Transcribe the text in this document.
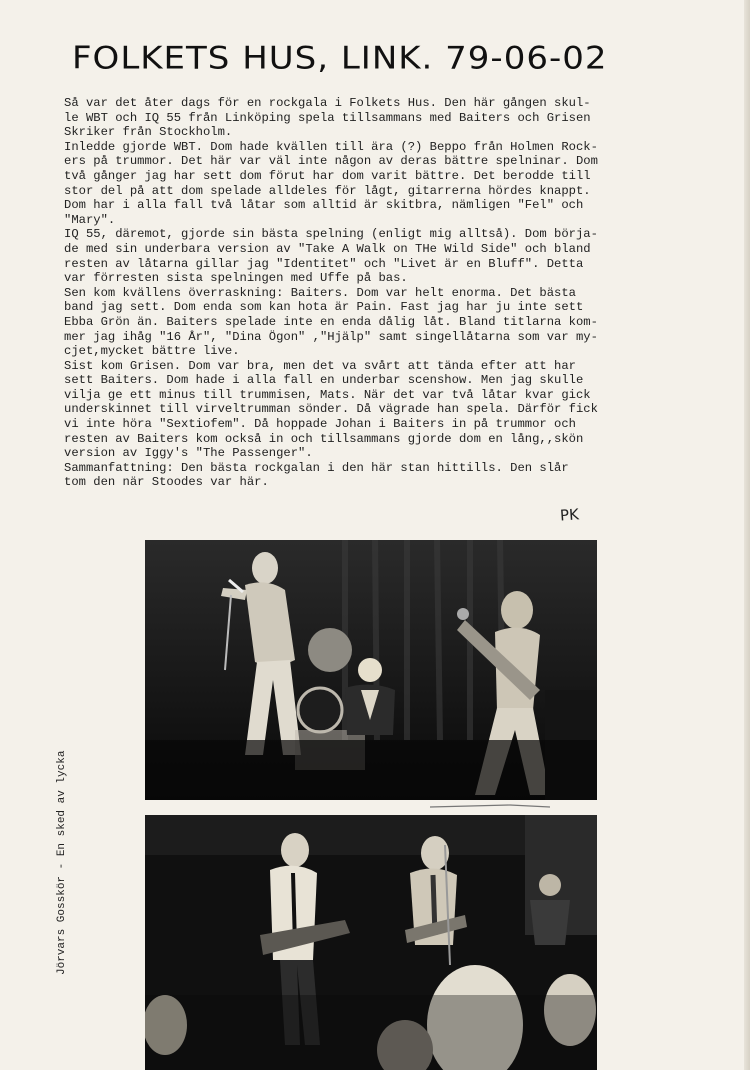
FOLKETS HUS, LINK. 79-06-02
Så var det åter dags för en rockgala i Folkets Hus. Den här gången skul-
le WBT och IQ 55 från Linköping spela tillsammans med Baiters och Grisen
Skriker från Stockholm.
Inledde gjorde WBT. Dom hade kvällen till ära (?) Beppo från Holmen Rock-
ers på trummor. Det här var väl inte någon av deras bättre spelninar. Dom
två gånger jag har sett dom förut har dom varit bättre. Det berodde till
stor del på att dom spelade alldeles för lågt, gitarrerna hördes knappt.
Dom har i alla fall två låtar som alltid är skitbra, nämligen "Fel" och
"Mary".
IQ 55, däremot, gjorde sin bästa spelning (enligt mig alltså). Dom börja-
de med sin underbara version av "Take A Walk on THe Wild Side" och bland
resten av låtarna gillar jag "Identitet" och "Livet är en Bluff". Detta
var förresten sista spelningen med Uffe på bas.
Sen kom kvällens överraskning: Baiters. Dom var helt enorma. Det bästa
band jag sett. Dom enda som kan hota är Pain. Fast jag har ju inte sett
Ebba Grön än. Baiters spelade inte en enda dålig låt. Bland titlarna kom-
mer jag ihåg "16 År", "Dina Ögon" ,"Hjälp" samt singellåtarna som var my-
cjet,mycket bättre live.
Sist kom Grisen. Dom var bra, men det va svårt att tända efter att har
sett Baiters. Dom hade i alla fall en underbar scenshow. Men jag skulle
vilja ge ett minus till trummisen, Mats. När det var två låtar kvar gick
underskinnet till virveltrumman sönder. Då vägrade han spela. Därför fick
vi inte höra "Sextiofem". Då hoppade Johan i Baiters in på trummor och
resten av Baiters kom också in och tillsammans gjorde dom en lång,,skön
version av Iggy's "The Passenger".
Sammanfattning: Den bästa rockgalan i den här stan hittills. Den slår
tom den när Stoodes var här.
PK
Jörvars Gosskör - En sked av lycka
